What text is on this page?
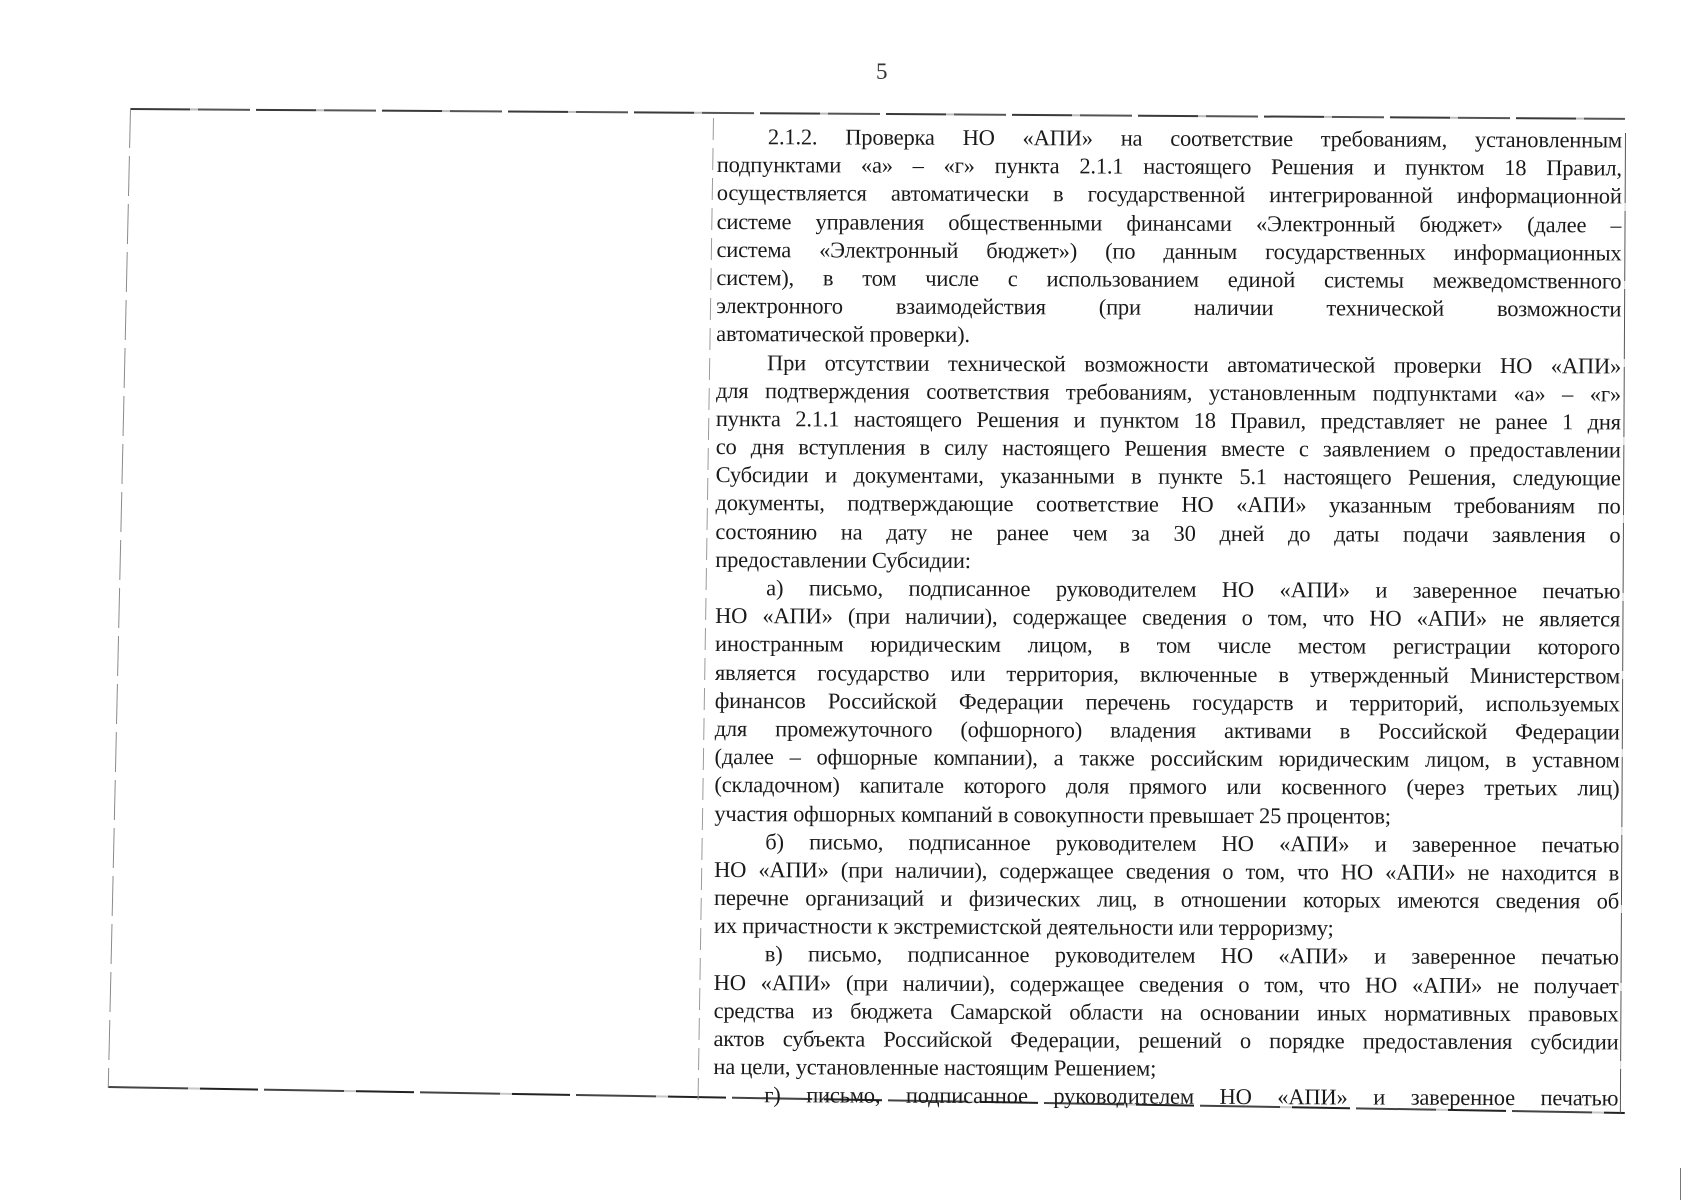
5
2.1.2. Проверка НО «АПИ» на соответствие требованиям, установленным
подпунктами «а» – «г» пункта 2.1.1 настоящего Решения и пунктом 18 Правил,
осуществляется автоматически в государственной интегрированной информационной
системе управления общественными финансами «Электронный бюджет» (далее –
система «Электронный бюджет») (по данным государственных информационных
систем), в том числе с использованием единой системы межведомственного
электронного взаимодействия (при наличии технической возможности
автоматической проверки).
При отсутствии технической возможности автоматической проверки НО «АПИ»
для подтверждения соответствия требованиям, установленным подпунктами «а» – «г»
пункта 2.1.1 настоящего Решения и пунктом 18 Правил, представляет не ранее 1 дня
со дня вступления в силу настоящего Решения вместе с заявлением о предоставлении
Субсидии и документами, указанными в пункте 5.1 настоящего Решения, следующие
документы, подтверждающие соответствие НО «АПИ» указанным требованиям по
состоянию на дату не ранее чем за 30 дней до даты подачи заявления о
предоставлении Субсидии:
а) письмо, подписанное руководителем НО «АПИ» и заверенное печатью
НО «АПИ» (при наличии), содержащее сведения о том, что НО «АПИ» не является
иностранным юридическим лицом, в том числе местом регистрации которого
является государство или территория, включенные в утвержденный Министерством
финансов Российской Федерации перечень государств и территорий, используемых
для промежуточного (офшорного) владения активами в Российской Федерации
(далее – офшорные компании), а также российским юридическим лицом, в уставном
(складочном) капитале которого доля прямого или косвенного (через третьих лиц)
участия офшорных компаний в совокупности превышает 25 процентов;
б) письмо, подписанное руководителем НО «АПИ» и заверенное печатью
НО «АПИ» (при наличии), содержащее сведения о том, что НО «АПИ» не находится в
перечне организаций и физических лиц, в отношении которых имеются сведения об
их причастности к экстремистской деятельности или терроризму;
в) письмо, подписанное руководителем НО «АПИ» и заверенное печатью
НО «АПИ» (при наличии), содержащее сведения о том, что НО «АПИ» не получает
средства из бюджета Самарской области на основании иных нормативных правовых
актов субъекта Российской Федерации, решений о порядке предоставления субсидии
на цели, установленные настоящим Решением;
г) письмо, подписанное руководителем НО «АПИ» и заверенное печатью
